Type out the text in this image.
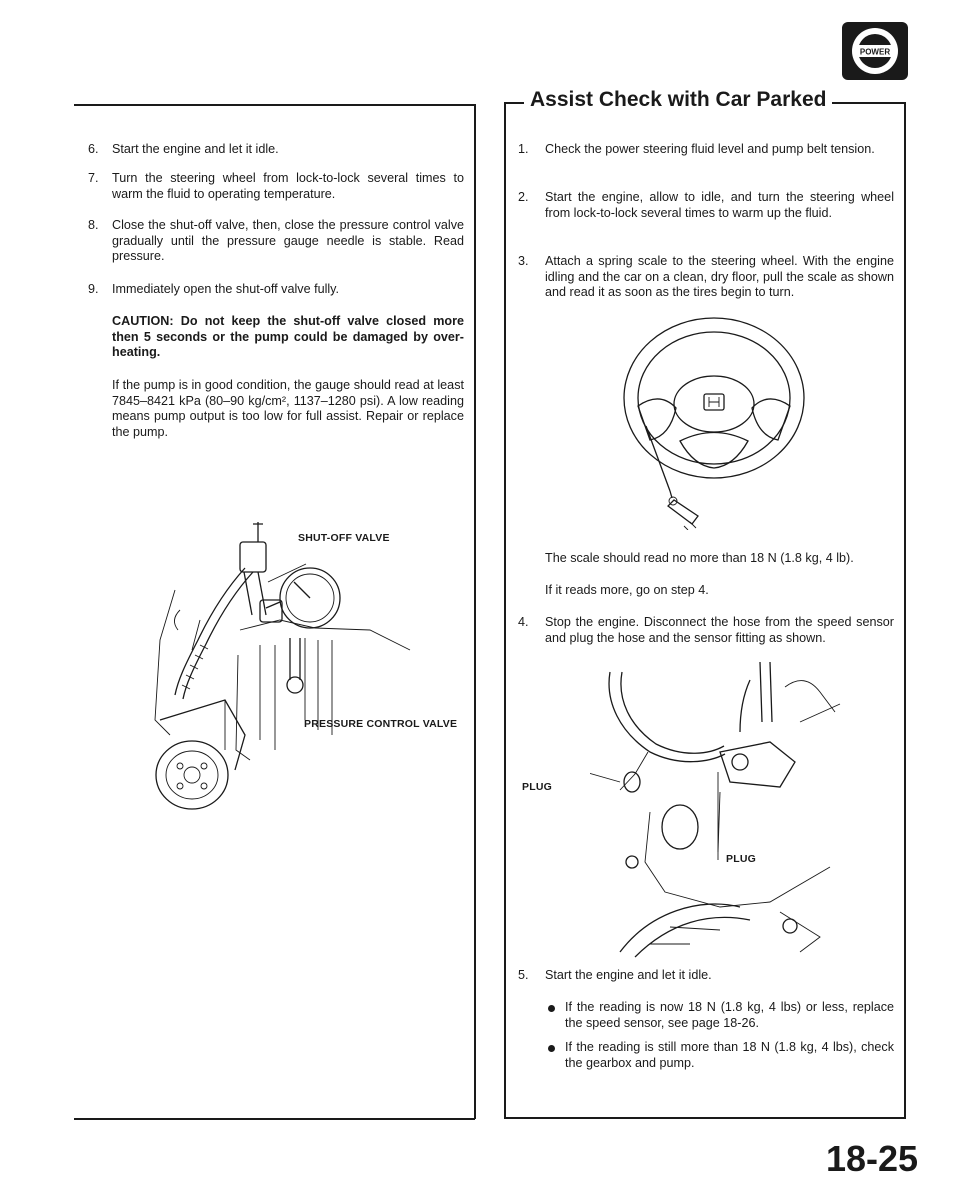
POWER
Assist Check with Car Parked
6.	Start the engine and let it idle.
7.	Turn the steering wheel from lock-to-lock several times to warm the fluid to operating temperature.
8.	Close the shut-off valve, then, close the pressure control valve gradually until the pressure gauge needle is stable. Read pressure.
9.	Immediately open the shut-off valve fully.
CAUTION: Do not keep the shut-off valve closed more then 5 seconds or the pump could be damaged by over-heating.
If the pump is in good condition, the gauge should read at least 7845–8421 kPa (80–90 kg/cm², 1137–1280 psi). A low reading means pump output is too low for full assist. Repair or replace the pump.
SHUT-OFF VALVE
PRESSURE CONTROL VALVE
1.	Check the power steering fluid level and pump belt tension.
2.	Start the engine, allow to idle, and turn the steering wheel from lock-to-lock several times to warm up the fluid.
3.	Attach a spring scale to the steering wheel. With the engine idling and the car on a clean, dry floor, pull the scale as shown and read it as soon as the tires begin to turn.
The scale should read no more than 18 N (1.8 kg, 4 lb).
If it reads more, go on step 4.
4.	Stop the engine. Disconnect the hose from the speed sensor and plug the hose and the sensor fitting as shown.
PLUG
PLUG
5.	Start the engine and let it idle.
If the reading is now 18 N (1.8 kg, 4 lbs) or less, replace the speed sensor, see page 18-26.
If the reading is still more than 18 N (1.8 kg, 4 lbs), check the gearbox and pump.
18-25
